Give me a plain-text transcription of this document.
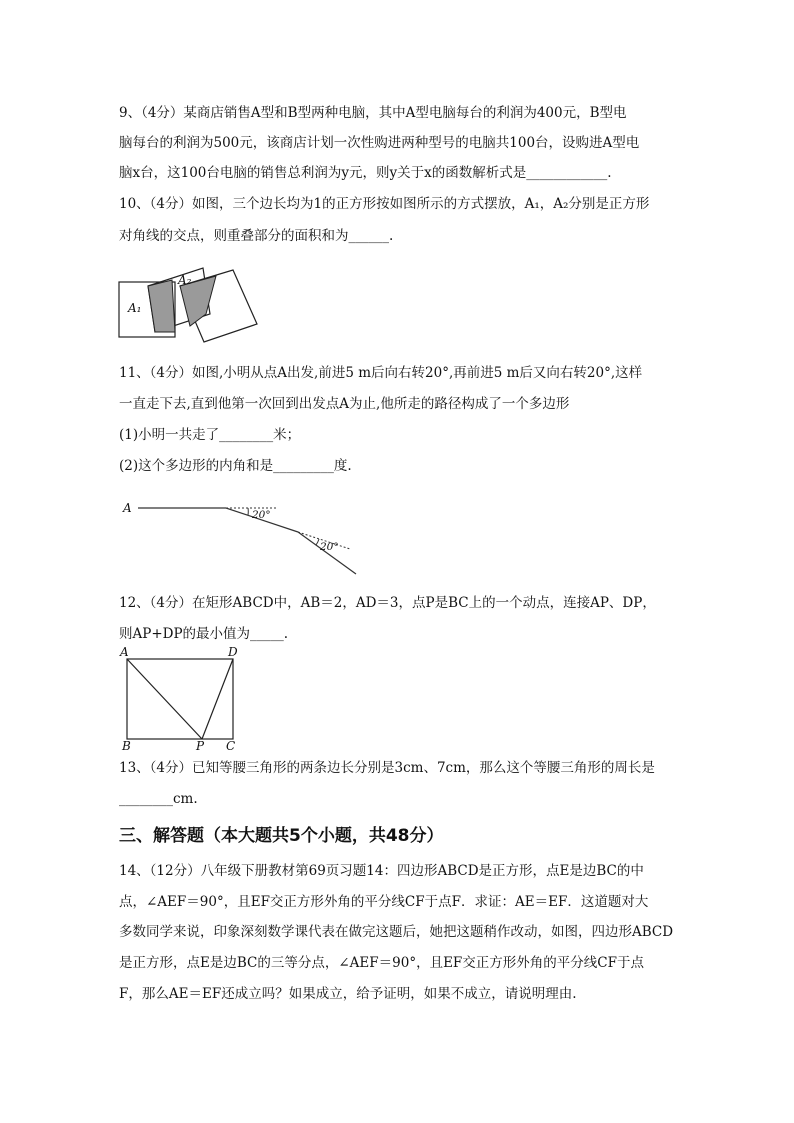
9、（4分）某商店销售A型和B型两种电脑，其中A型电脑每台的利润为400元，B型电
脑每台的利润为500元，该商店计划一次性购进两种型号的电脑共100台，设购进A型电
脑x台，这100台电脑的销售总利润为y元，则y关于x的函数解析式是____________.
10、（4分）如图，三个边长均为1的正方形按如图所示的方式摆放，A₁，A₂分别是正方形
对角线的交点，则重叠部分的面积和为______.
A₁
A₂
11、（4分）如图,小明从点A出发,前进5 m后向右转20°,再前进5 m后又向右转20°,这样
一直走下去,直到他第一次回到出发点A为止,他所走的路径构成了一个多边形
(1)小明一共走了________米；
(2)这个多边形的内角和是_________度.
A	20°
20°
12、（4分）在矩形ABCD中，AB＝2，AD＝3，点P是BC上的一个动点，连接AP、DP，
则AP+DP的最小值为_____.
A	D
B	P C
13、（4分）已知等腰三角形的两条边长分别是3cm、7cm，那么这个等腰三角形的周长是
________cm.
三、解答题（本大题共5个小题，共48分）
14、（12分）八年级下册教材第69页习题14：四边形ABCD是正方形，点E是边BC的中
点，∠AEF＝90°，且EF交正方形外角的平分线CF于点F．求证：AE＝EF．这道题对大
多数同学来说，印象深刻数学课代表在做完这题后，她把这题稍作改动，如图，四边形ABCD
是正方形，点E是边BC的三等分点，∠AEF＝90°，且EF交正方形外角的平分线CF于点
F，那么AE＝EF还成立吗？如果成立，给予证明，如果不成立，请说明理由.
